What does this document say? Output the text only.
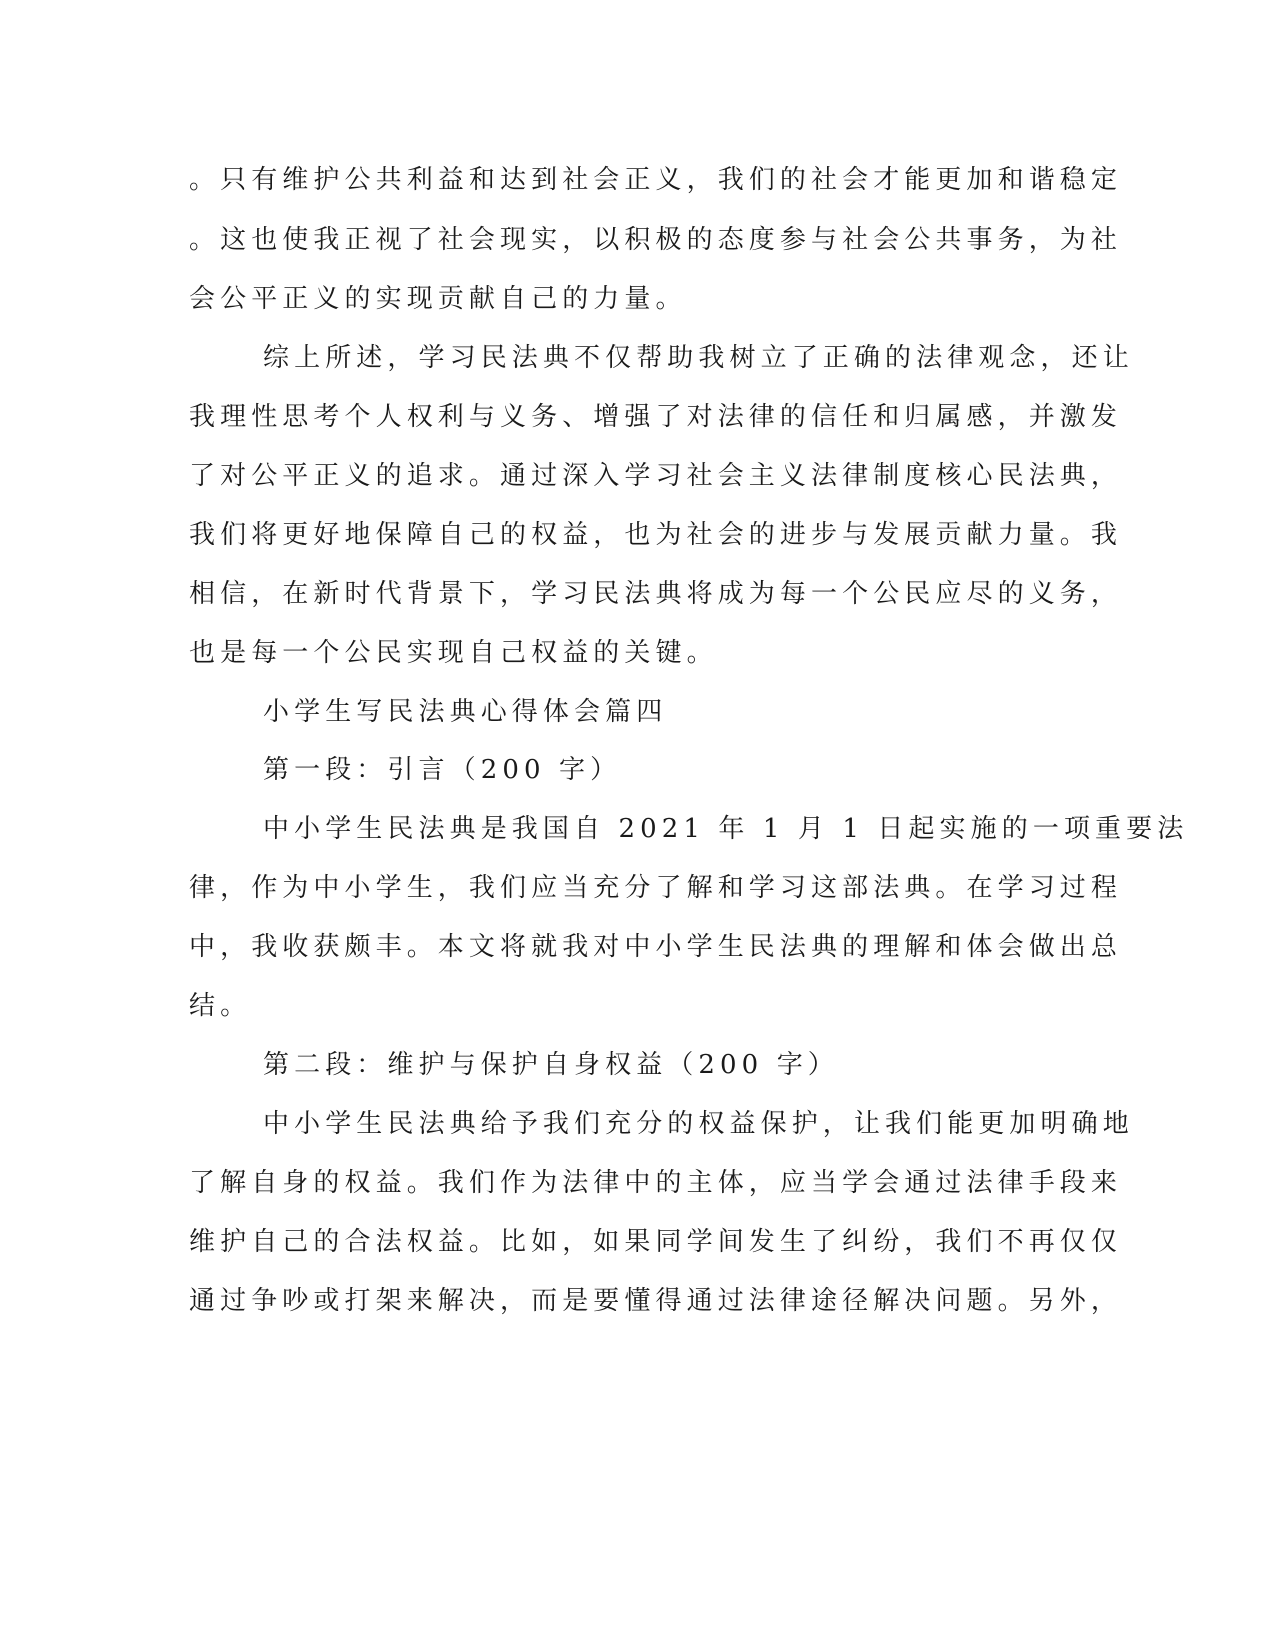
。只有维护公共利益和达到社会正义，我们的社会才能更加和谐稳定

。这也使我正视了社会现实，以积极的态度参与社会公共事务，为社

会公平正义的实现贡献自己的力量。

综上所述，学习民法典不仅帮助我树立了正确的法律观念，还让

我理性思考个人权利与义务、增强了对法律的信任和归属感，并激发

了对公平正义的追求。通过深入学习社会主义法律制度核心民法典，

我们将更好地保障自己的权益，也为社会的进步与发展贡献力量。我

相信，在新时代背景下，学习民法典将成为每一个公民应尽的义务，

也是每一个公民实现自己权益的关键。

小学生写民法典心得体会篇四

第一段：引言（200 字）

中小学生民法典是我国自 2021 年 1 月 1 日起实施的一项重要法

律，作为中小学生，我们应当充分了解和学习这部法典。在学习过程

中，我收获颇丰。本文将就我对中小学生民法典的理解和体会做出总

结。

第二段：维护与保护自身权益（200 字）

中小学生民法典给予我们充分的权益保护，让我们能更加明确地

了解自身的权益。我们作为法律中的主体，应当学会通过法律手段来

维护自己的合法权益。比如，如果同学间发生了纠纷，我们不再仅仅

通过争吵或打架来解决，而是要懂得通过法律途径解决问题。另外，
